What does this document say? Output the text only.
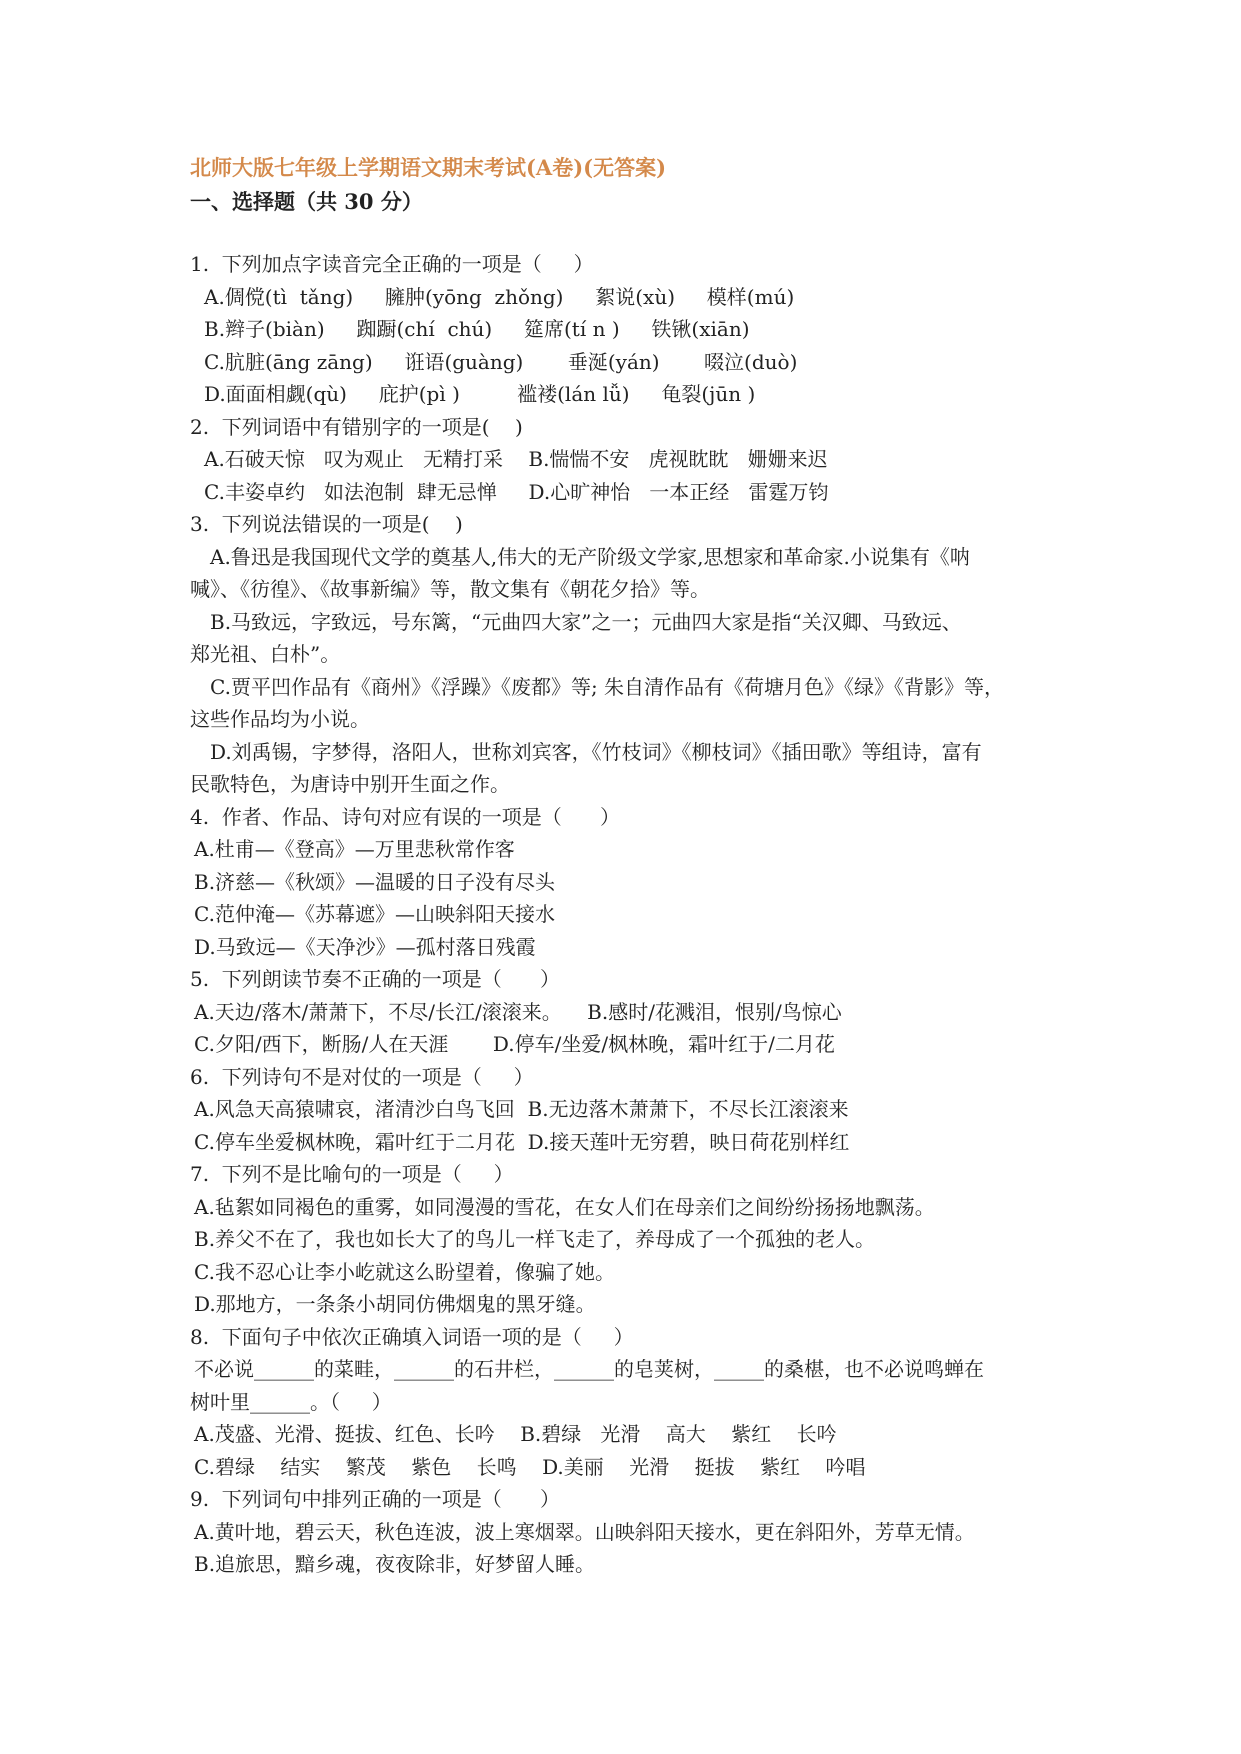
北师大版七年级上学期语文期末考试(A卷)(无答案)
一、选择题（共 30 分）
1.  下列加点字读音完全正确的一项是（     ）
A.倜傥(tì  tǎng)     臃肿(yōng  zhǒng)     絮说(xù)     模样(mú)
B.辫子(biàn)     踟蹰(chí  chú)     筵席(tí n )     铁锹(xiān)
C.肮脏(āng zāng)     诳语(guàng)       垂涎(yán)       啜泣(duò)
D.面面相觑(qù)     庇护(pì )         褴褛(lán lǚ)     龟裂(jūn )
2.  下列词语中有错别字的一项是(    )
A.石破天惊   叹为观止   无精打采    B.惴惴不安   虎视眈眈   姗姗来迟
C.丰姿卓约   如法泡制  肆无忌惮     D.心旷神怡   一本正经   雷霆万钧
3.  下列说法错误的一项是(    )
A.鲁迅是我国现代文学的奠基人,伟大的无产阶级文学家,思想家和革命家.小说集有《呐
喊》、《彷徨》、《故事新编》等，散文集有《朝花夕拾》等。
B.马致远，字致远，号东篱，“元曲四大家”之一；元曲四大家是指“关汉卿、马致远、
郑光祖、白朴”。
C.贾平凹作品有《商州》《浮躁》《废都》等; 朱自清作品有《荷塘月色》《绿》《背影》等，
这些作品均为小说。
D.刘禹锡，字梦得，洛阳人，世称刘宾客，《竹枝词》《柳枝词》《插田歌》等组诗，富有
民歌特色，为唐诗中别开生面之作。
4.  作者、作品、诗句对应有误的一项是（      ）
A.杜甫—《登高》—万里悲秋常作客
B.济慈—《秋颂》—温暖的日子没有尽头
C.范仲淹—《苏幕遮》—山映斜阳天接水
D.马致远—《天净沙》—孤村落日残霞
5.  下列朗读节奏不正确的一项是（      ）
A.天边/落木/萧萧下，不尽/长江/滚滚来。    B.感时/花溅泪，恨别/鸟惊心
C.夕阳/西下，断肠/人在天涯       D.停车/坐爱/枫林晚，霜叶红于/二月花
6.  下列诗句不是对仗的一项是（     ）
A.风急天高猿啸哀，渚清沙白鸟飞回  B.无边落木萧萧下，不尽长江滚滚来
C.停车坐爱枫林晚，霜叶红于二月花  D.接天莲叶无穷碧，映日荷花别样红
7.  下列不是比喻句的一项是（     ）
A.毡絮如同褐色的重雾，如同漫漫的雪花，在女人们在母亲们之间纷纷扬扬地飘荡。
B.养父不在了，我也如长大了的鸟儿一样飞走了，养母成了一个孤独的老人。
C.我不忍心让李小屹就这么盼望着，像骗了她。
D.那地方，一条条小胡同仿佛烟鬼的黑牙缝。
8.  下面句子中依次正确填入词语一项的是（     ）
不必说______的菜畦，______的石井栏，______的皂荚树，_____的桑椹，也不必说鸣蝉在
树叶里______。（     ）
A.茂盛、光滑、挺拔、红色、长吟    B.碧绿   光滑    高大    紫红    长吟
C.碧绿    结实    繁茂    紫色    长鸣    D.美丽    光滑    挺拔    紫红    吟唱
9.  下列词句中排列正确的一项是（      ）
A.黄叶地，碧云天，秋色连波，波上寒烟翠。山映斜阳天接水，更在斜阳外，芳草无情。
B.追旅思，黯乡魂，夜夜除非，好梦留人睡。
